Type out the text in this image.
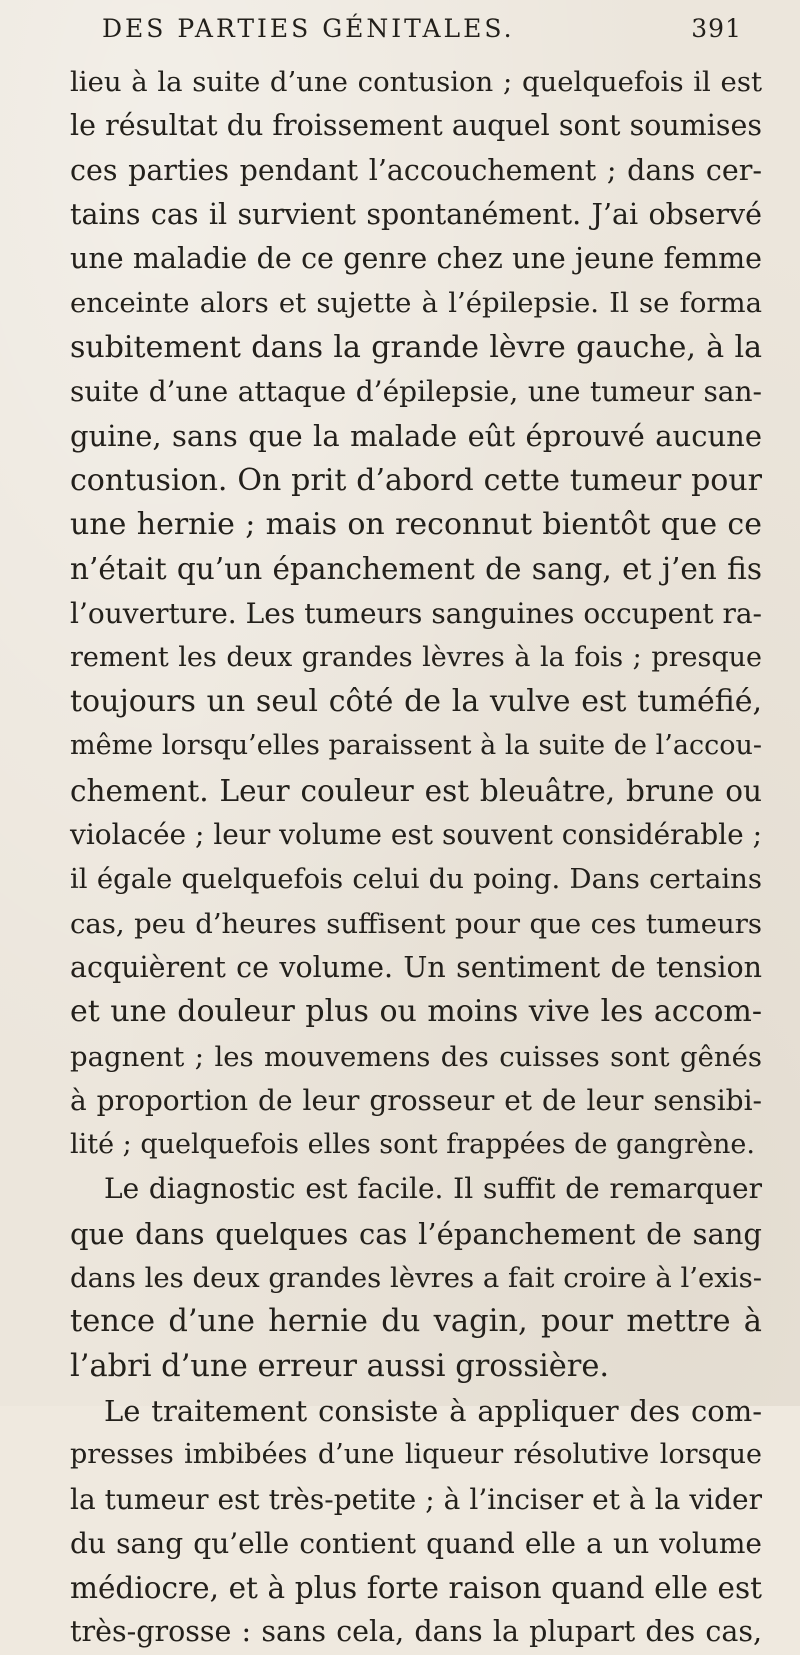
DES PARTIES GÉNITALES.	391
lieu à la suite d’une contusion ; quelquefois il est
le résultat du froissement auquel sont soumises
ces parties pendant l’accouchement ; dans cer-
tains cas il survient spontanément. J’ai observé
une maladie de ce genre chez une jeune femme
enceinte alors et sujette à l’épilepsie. Il se forma
subitement dans la grande lèvre gauche, à la
suite d’une attaque d’épilepsie, une tumeur san-
guine, sans que la malade eût éprouvé aucune
contusion. On prit d’abord cette tumeur pour
une hernie ; mais on reconnut bientôt que ce
n’était qu’un épanchement de sang, et j’en fis
l’ouverture. Les tumeurs sanguines occupent ra-
rement les deux grandes lèvres à la fois ; presque
toujours un seul côté de la vulve est tuméfié,
même lorsqu’elles paraissent à la suite de l’accou-
chement. Leur couleur est bleuâtre, brune ou
violacée ; leur volume est souvent considérable ;
il égale quelquefois celui du poing. Dans certains
cas, peu d’heures suffisent pour que ces tumeurs
acquièrent ce volume. Un sentiment de tension
et une douleur plus ou moins vive les accom-
pagnent ; les mouvemens des cuisses sont gênés
à proportion de leur grosseur et de leur sensibi-
lité ; quelquefois elles sont frappées de gangrène.
Le diagnostic est facile. Il suffit de remarquer
que dans quelques cas l’épanchement de sang
dans les deux grandes lèvres a fait croire à l’exis-
tence d’une hernie du vagin, pour mettre à
l’abri d’une erreur aussi grossière.
Le traitement consiste à appliquer des com-
presses imbibées d’une liqueur résolutive lorsque
la tumeur est très-petite ; à l’inciser et à la vider
du sang qu’elle contient quand elle a un volume
médiocre, et à plus forte raison quand elle est
très-grosse : sans cela, dans la plupart des cas,
